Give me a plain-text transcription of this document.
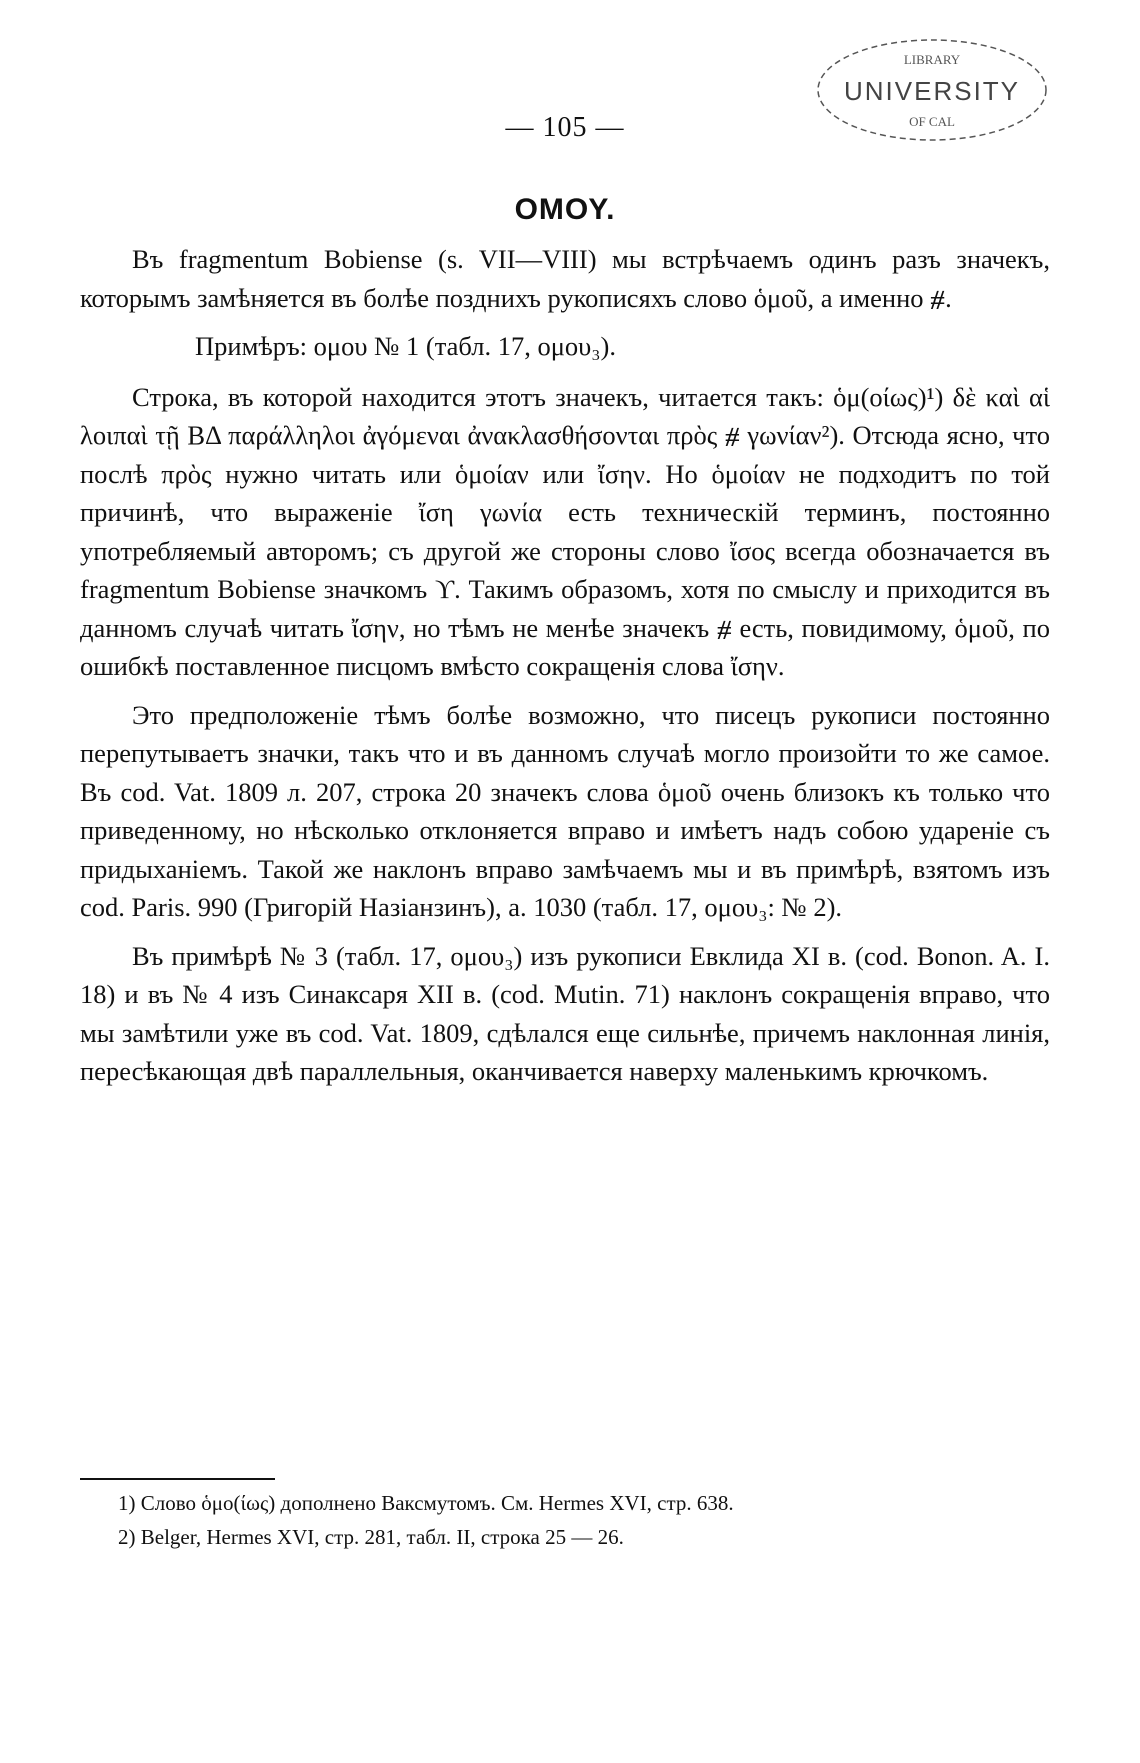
LIBRARY
UNIVERSITY
OF CAL
— 105 —
ΟΜΟΥ.

Въ fragmentum Bobiense (s. VII—VIII) мы встрѣчаемъ одинъ разъ значекъ, которымъ замѣняется въ болѣе позднихъ рукописяхъ слово ὁμοῦ, а именно ⧣.

Примѣръ: ομου № 1 (табл. 17, ομου₃).

Строка, въ которой находится этотъ значекъ, читается такъ: ὁμ(οίως)¹) δὲ καὶ αἱ λοιπαὶ τῇ ΒΔ παράλληλοι ἀγόμεναι ἀνακλασθήσονται πρὸς ⧣ γωνίαν²). Отсюда ясно, что послѣ πρὸς нужно читать или ὁμοίαν или ἴσην. Но ὁμοίαν не подходитъ по той причинѣ, что выраженіе ἴση γωνία есть техническій терминъ, постоянно употребляемый авторомъ; съ другой же стороны слово ἴσος всегда обозначается въ fragmentum Bobiense значкомъ ϒ. Такимъ образомъ, хотя по смыслу и приходится въ данномъ случаѣ читать ἴσην, но тѣмъ не менѣе значекъ ⧣ есть, повидимому, ὁμοῦ, по ошибкѣ поставленное писцомъ вмѣсто сокращенія слова ἴσην.

Это предположеніе тѣмъ болѣе возможно, что писецъ рукописи постоянно перепутываетъ значки, такъ что и въ данномъ случаѣ могло произойти то же самое. Въ cod. Vat. 1809 л. 207, строка 20 значекъ слова ὁμοῦ очень близокъ къ только что приведенному, но нѣсколько отклоняется вправо и имѣетъ надъ собою удареніе съ придыханіемъ. Такой же наклонъ вправо замѣчаемъ мы и въ примѣрѣ, взятомъ изъ cod. Paris. 990 (Григорій Назіанзинъ), а. 1030 (табл. 17, ομου₃: № 2).

Въ примѣрѣ № 3 (табл. 17, ομου₃) изъ рукописи Евклида XI в. (cod. Bonon. A. I. 18) и въ № 4 изъ Синаксаря XII в. (cod. Mutin. 71) наклонъ сокращенія вправо, что мы замѣтили уже въ cod. Vat. 1809, сдѣлался еще сильнѣе, причемъ наклонная линія, пересѣкающая двѣ параллельныя, оканчивается наверху маленькимъ крючкомъ.

1) Слово ὁμο(ίως) дополнено Ваксмутомъ. См. Hermes XVI, стр. 638.

2) Belger, Hermes XVI, стр. 281, табл. II, строка 25 — 26.
